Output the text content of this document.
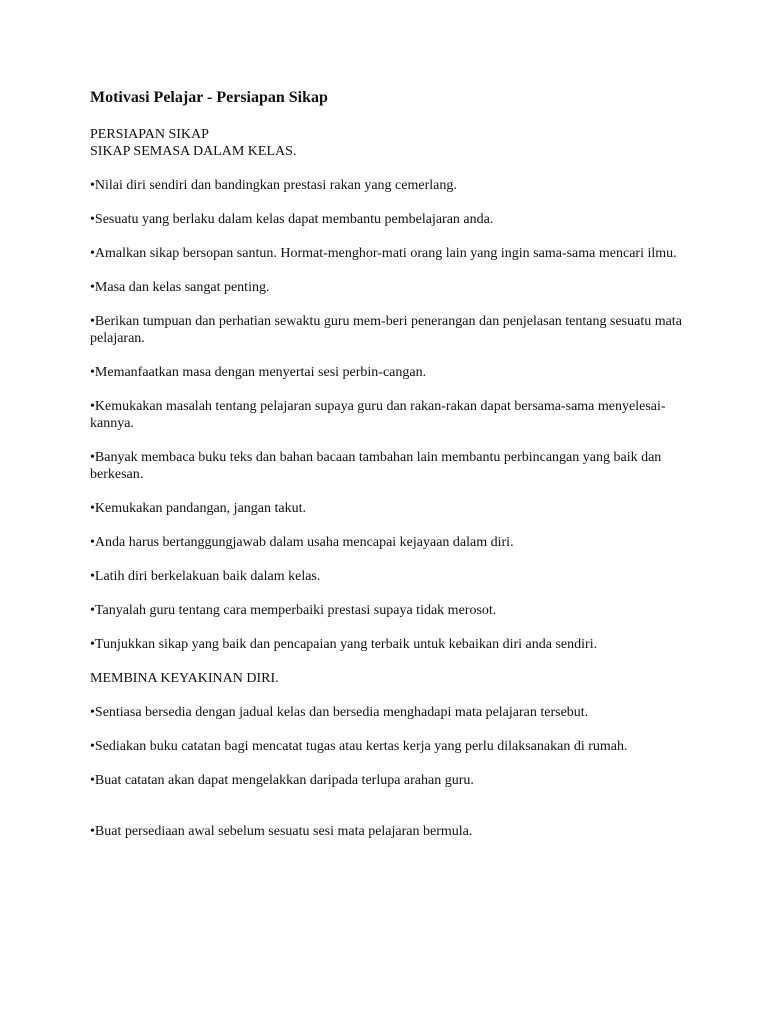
Motivasi Pelajar - Persiapan Sikap
PERSIAPAN SIKAP
SIKAP SEMASA DALAM KELAS.
•Nilai diri sendiri dan bandingkan prestasi rakan yang cemerlang.
•Sesuatu yang berlaku dalam kelas dapat membantu pembelajaran anda.
•Amalkan sikap bersopan santun. Hormat-menghor-mati orang lain yang ingin sama-sama mencari ilmu.
•Masa dan kelas sangat penting.
•Berikan tumpuan dan perhatian sewaktu guru mem-beri penerangan dan penjelasan tentang sesuatu mata pelajaran.
•Memanfaatkan masa dengan menyertai sesi perbin-cangan.
•Kemukakan masalah tentang pelajaran supaya guru dan rakan-rakan dapat bersama-sama menyelesai-kannya.
•Banyak membaca buku teks dan bahan bacaan tambahan lain membantu perbincangan yang baik dan berkesan.
•Kemukakan pandangan, jangan takut.
•Anda harus bertanggungjawab dalam usaha mencapai kejayaan dalam diri.
•Latih diri berkelakuan baik dalam kelas.
•Tanyalah guru tentang cara memperbaiki prestasi supaya tidak merosot.
•Tunjukkan sikap yang baik dan pencapaian yang terbaik untuk kebaikan diri anda sendiri.
MEMBINA KEYAKINAN DIRI.
•Sentiasa bersedia dengan jadual kelas dan bersedia menghadapi mata pelajaran tersebut.
•Sediakan buku catatan bagi mencatat tugas atau kertas kerja yang perlu dilaksanakan di rumah.
•Buat catatan akan dapat mengelakkan daripada terlupa arahan guru.
•Buat persediaan awal sebelum sesuatu sesi mata pelajaran bermula.
